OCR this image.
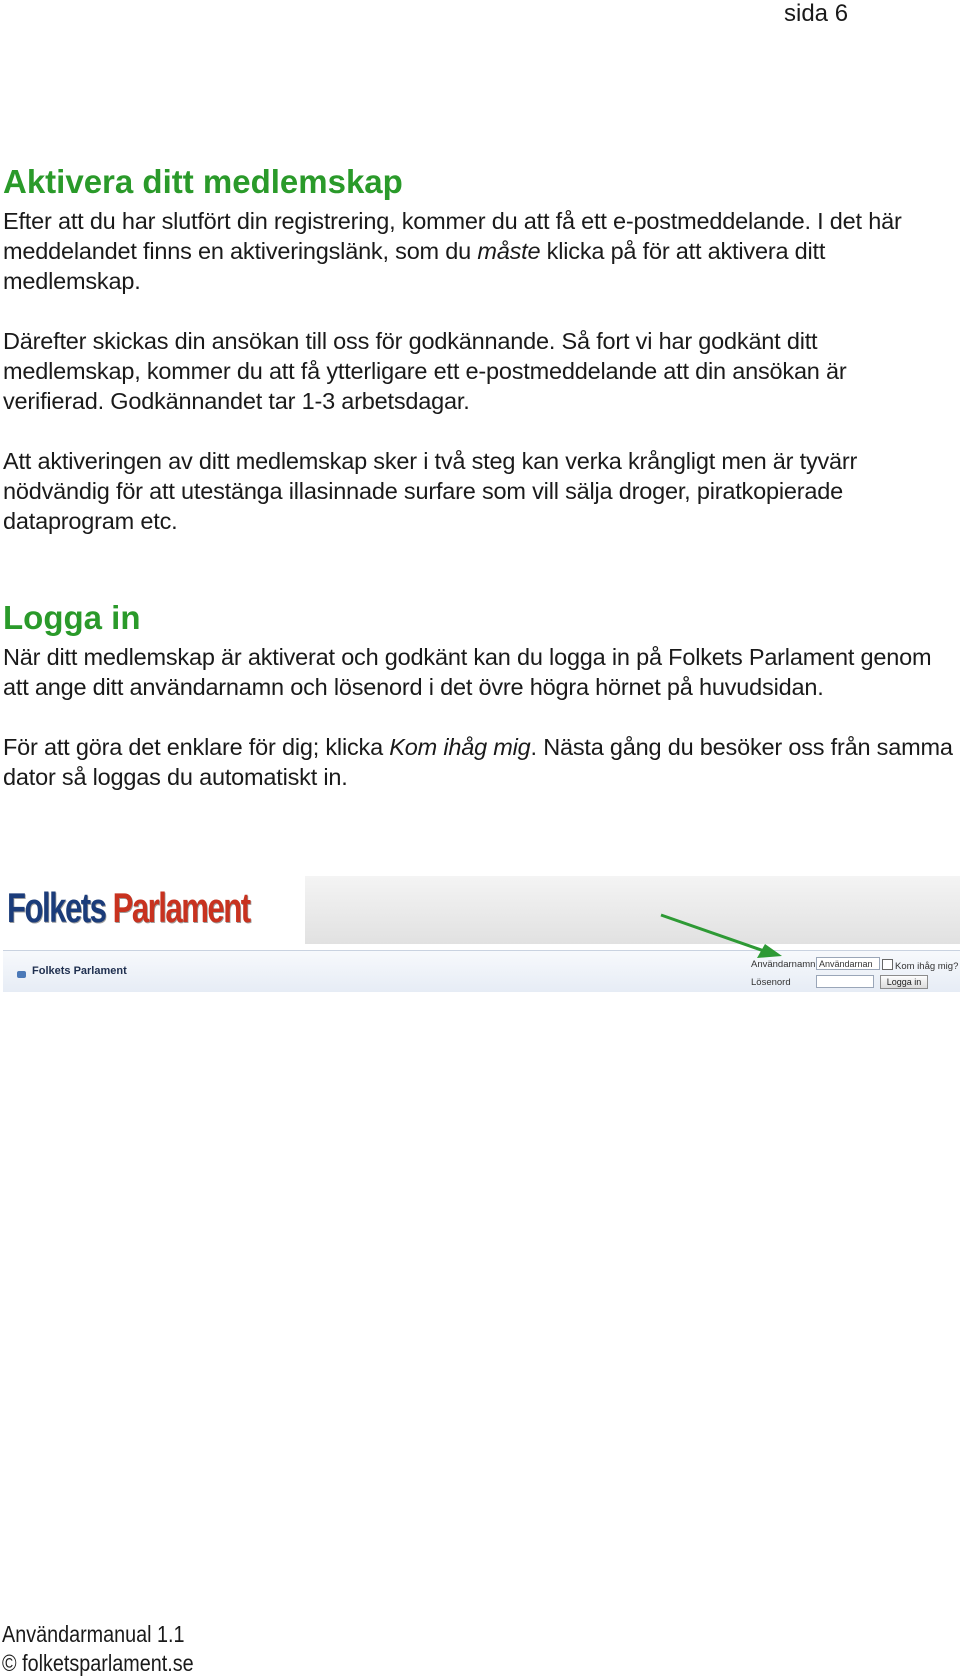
sida 6
Aktivera ditt medlemskap

Efter att du har slutfört din registrering, kommer du att få ett e-postmeddelande. I det här meddelandet finns en aktiveringslänk, som du måste klicka på för att aktivera ditt medlemskap.

Därefter skickas din ansökan till oss för godkännande. Så fort vi har godkänt ditt medlemskap, kommer du att få ytterligare ett e-postmeddelande att din ansökan är verifierad. Godkännandet tar 1-3 arbetsdagar.

Att aktiveringen av ditt medlemskap sker i två steg kan verka krångligt men är tyvärr nödvändig för att utestänga illasinnade surfare som vill sälja droger, piratkopierade dataprogram etc.

Logga in

När ditt medlemskap är aktiverat och godkänt kan du logga in på Folkets Parlament genom att ange ditt användarnamn och lösenord i det övre högra hörnet på huvudsidan.

För att göra det enklare för dig; klicka Kom ihåg mig. Nästa gång du besöker oss från samma dator så loggas du automatiskt in.

Folkets Parlament
Folkets Parlament
Användarnamn Användarnan	Kom ihåg mig?
Lösenord	Logga in
Användarmanual 1.1
© folketsparlament.se
